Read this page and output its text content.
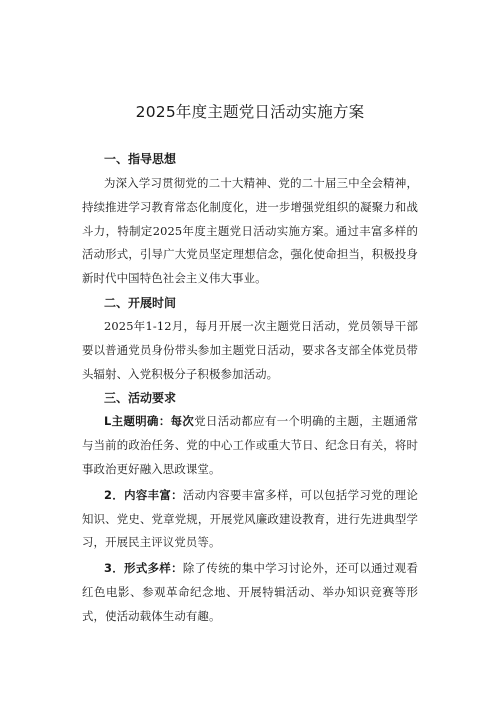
2025年度主题党日活动实施方案
一、指导思想

为深入学习贯彻党的二十大精神、党的二十届三中全会精神，持续推进学习教育常态化制度化，进一步增强党组织的凝聚力和战斗力，特制定2025年度主题党日活动实施方案。通过丰富多样的活动形式，引导广大党员坚定理想信念，强化使命担当，积极投身新时代中国特色社会主义伟大事业。

二、开展时间

2025年1-12月，每月开展一次主题党日活动，党员领导干部要以普通党员身份带头参加主题党日活动，要求各支部全体党员带头辐射、入党积极分子积极参加活动。

三、活动要求

L主题明确：每次党日活动都应有一个明确的主题，主题通常与当前的政治任务、党的中心工作或重大节日、纪念日有关，将时事政治更好融入思政课堂。

2．内容丰富：活动内容要丰富多样，可以包括学习党的理论知识、党史、党章党规，开展党风廉政建设教育，进行先进典型学习，开展民主评议党员等。

3．形式多样：除了传统的集中学习讨论外，还可以通过观看红色电影、参观革命纪念地、开展特辑活动、举办知识竞赛等形式，使活动载体生动有趣。
